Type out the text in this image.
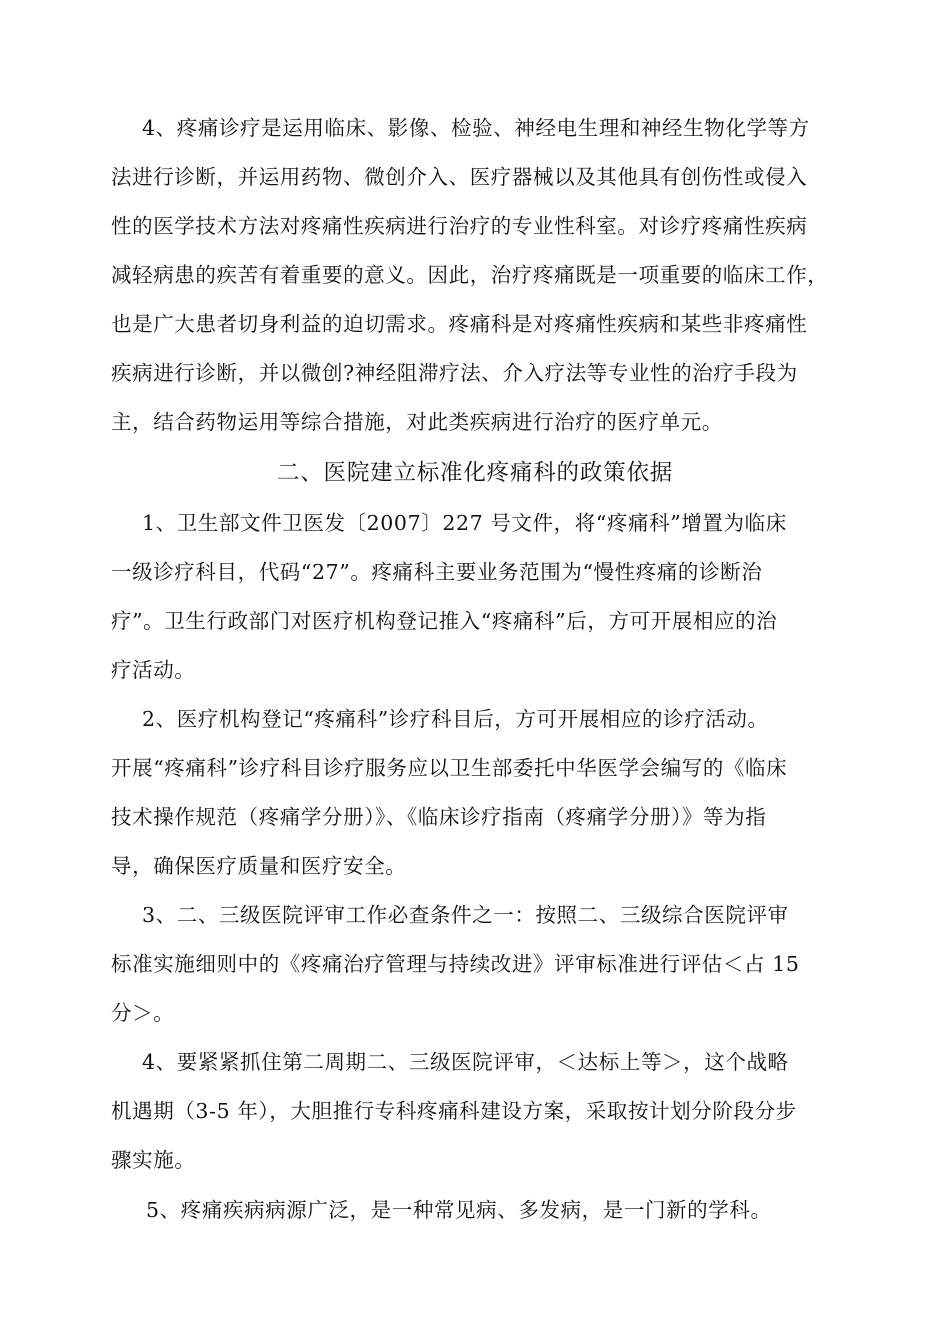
4、疼痛诊疗是运用临床、影像、检验、神经电生理和神经生物化学等方
法进行诊断，并运用药物、微创介入、医疗器械以及其他具有创伤性或侵入
性的医学技术方法对疼痛性疾病进行治疗的专业性科室。对诊疗疼痛性疾病
减轻病患的疾苦有着重要的意义。因此，治疗疼痛既是一项重要的临床工作，
也是广大患者切身利益的迫切需求。疼痛科是对疼痛性疾病和某些非疼痛性
疾病进行诊断，并以微创?神经阻滞疗法、介入疗法等专业性的治疗手段为
主，结合药物运用等综合措施，对此类疾病进行治疗的医疗单元。
二、医院建立标准化疼痛科的政策依据
1、卫生部文件卫医发〔2007〕227 号文件，将“疼痛科”增置为临床
一级诊疗科目，代码“27”。疼痛科主要业务范围为“慢性疼痛的诊断治
疗”。卫生行政部门对医疗机构登记推入“疼痛科”后，方可开展相应的治
疗活动。
2、医疗机构登记“疼痛科”诊疗科目后，方可开展相应的诊疗活动。
开展“疼痛科”诊疗科目诊疗服务应以卫生部委托中华医学会编写的《临床
技术操作规范（疼痛学分册）》、《临床诊疗指南（疼痛学分册）》等为指
导，确保医疗质量和医疗安全。
3、二、三级医院评审工作必查条件之一：按照二、三级综合医院评审
标准实施细则中的《疼痛治疗管理与持续改进》评审标准进行评估＜占 15
分＞。
4、要紧紧抓住第二周期二、三级医院评审，＜达标上等＞，这个战略
机遇期（3-5 年），大胆推行专科疼痛科建设方案，采取按计划分阶段分步
骤实施。
5、疼痛疾病病源广泛，是一种常见病、多发病，是一门新的学科。
